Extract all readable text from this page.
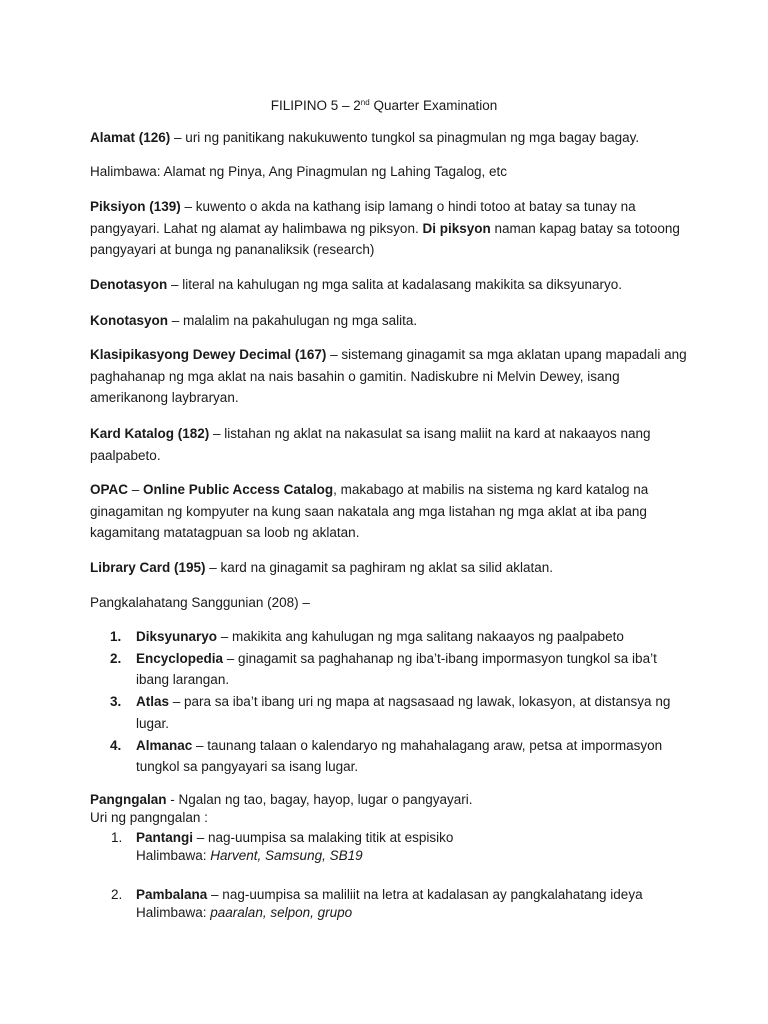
FILIPINO 5 – 2nd Quarter Examination

Alamat (126) – uri ng panitikang nakukuwento tungkol sa pinagmulan ng mga bagay bagay.

Halimbawa: Alamat ng Pinya, Ang Pinagmulan ng Lahing Tagalog, etc

Piksiyon (139) – kuwento o akda na kathang isip lamang o hindi totoo at batay sa tunay na pangyayari. Lahat ng alamat ay halimbawa ng piksyon. Di piksyon naman kapag batay sa totoong pangyayari at bunga ng pananaliksik (research)

Denotasyon – literal na kahulugan ng mga salita at kadalasang makikita sa diksyunaryo.

Konotasyon – malalim na pakahulugan ng mga salita.

Klasipikasyong Dewey Decimal (167) – sistemang ginagamit sa mga aklatan upang mapadali ang paghahanap ng mga aklat na nais basahin o gamitin. Nadiskubre ni Melvin Dewey, isang amerikanong laybraryan.

Kard Katalog (182) – listahan ng aklat na nakasulat sa isang maliit na kard at nakaayos nang paalpabeto.

OPAC – Online Public Access Catalog, makabago at mabilis na sistema ng kard katalog na ginagamitan ng kompyuter na kung saan nakatala ang mga listahan ng mga aklat at iba pang kagamitang matatagpuan sa loob ng aklatan.

Library Card (195) – kard na ginagamit sa paghiram ng aklat sa silid aklatan.

Pangkalahatang Sanggunian (208) –

1. Diksyunaryo – makikita ang kahulugan ng mga salitang nakaayos ng paalpabeto
2. Encyclopedia – ginagamit sa paghahanap ng iba’t-ibang impormasyon tungkol sa iba’t ibang larangan.
3. Atlas – para sa iba’t ibang uri ng mapa at nagsasaad ng lawak, lokasyon, at distansya ng lugar.
4. Almanac – taunang talaan o kalendaryo ng mahahalagang araw, petsa at impormasyon tungkol sa pangyayari sa isang lugar.

Pangngalan - Ngalan ng tao, bagay, hayop, lugar o pangyayari.

Uri ng pangngalan :

1. Pantangi – nag-uumpisa sa malaking titik at espisiko
Halimbawa: Harvent, Samsung, SB19
2. Pambalana – nag-uumpisa sa maliliit na letra at kadalasan ay pangkalahatang ideya
Halimbawa: paaralan, selpon, grupo
